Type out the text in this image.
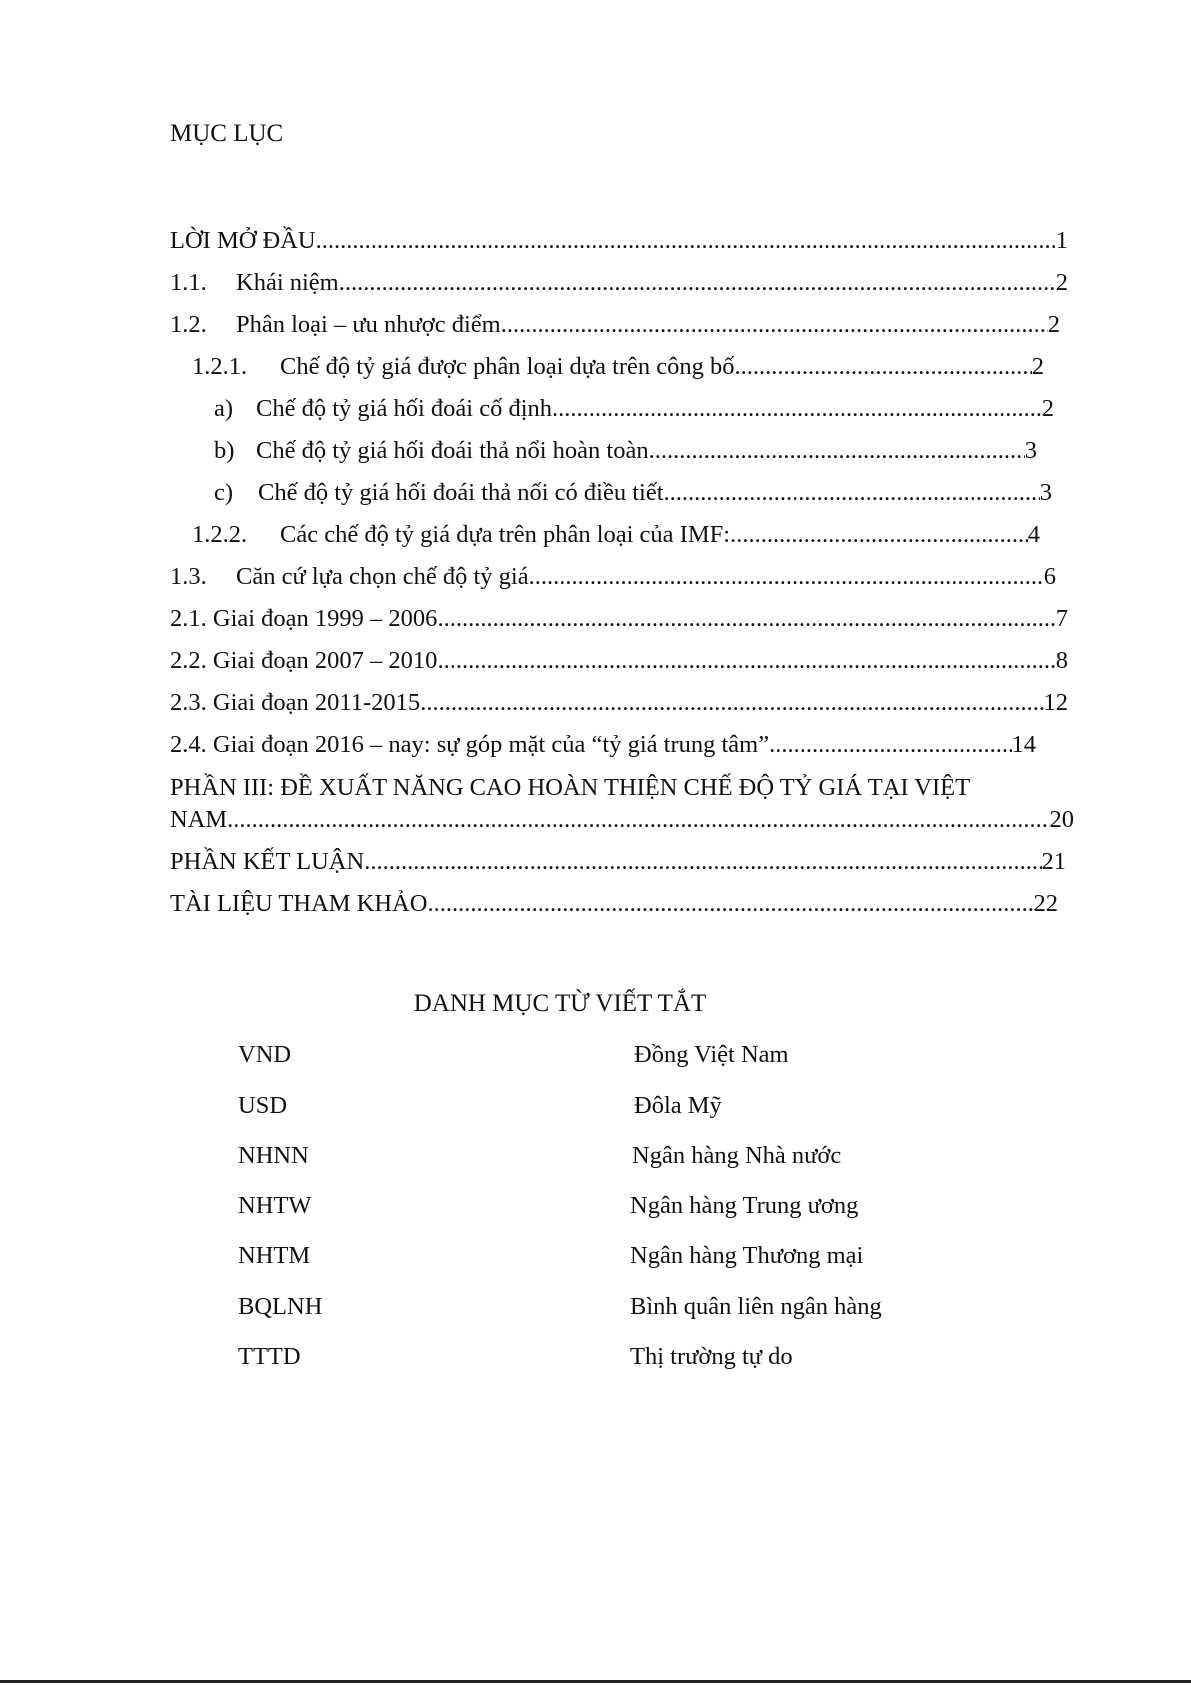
MỤC LỤC
LỜI MỞ ĐẦU .....	1
1.1.	Khái niệm .....	2
1.2.	Phân loại – ưu nhược điểm .....	2
1.2.1.	Chế độ tỷ giá được phân loại dựa trên công bố .....	2
a) Chế độ tỷ giá hối đoái cố định .....	2
b) Chế độ tỷ giá hối đoái thả nổi hoàn toàn .....	3
c)	Chế độ tỷ giá hối đoái thả nối có điều tiết .....	3
1.2.2.	Các chế độ tỷ giá dựa trên phân loại của IMF: .....	4
1.3.	Căn cứ lựa chọn chế độ tỷ giá .....	6
2.1. Giai đoạn 1999 – 2006 .....	7
2.2. Giai đoạn 2007 – 2010 .....	8
2.3. Giai đoạn 2011-2015 .....	12
2.4. Giai đoạn 2016 – nay: sự góp mặt của “tỷ giá trung tâm” .....	14
PHẦN III: ĐỀ XUẤT NĂNG CAO HOÀN THIỆN CHẾ ĐỘ TỶ GIÁ TẠI VIỆT
NAM .....	20
PHẦN KẾT LUẬN .....	21
TÀI LIỆU THAM KHẢO .....	22
DANH MỤC TỪ VIẾT TẮT
VND	Đồng Việt Nam
USD	Đôla Mỹ
NHNN	Ngân hàng Nhà nước
NHTW	Ngân hàng Trung ương
NHTM	Ngân hàng Thương mại
BQLNH	Bình quân liên ngân hàng
TTTD	Thị trường tự do
